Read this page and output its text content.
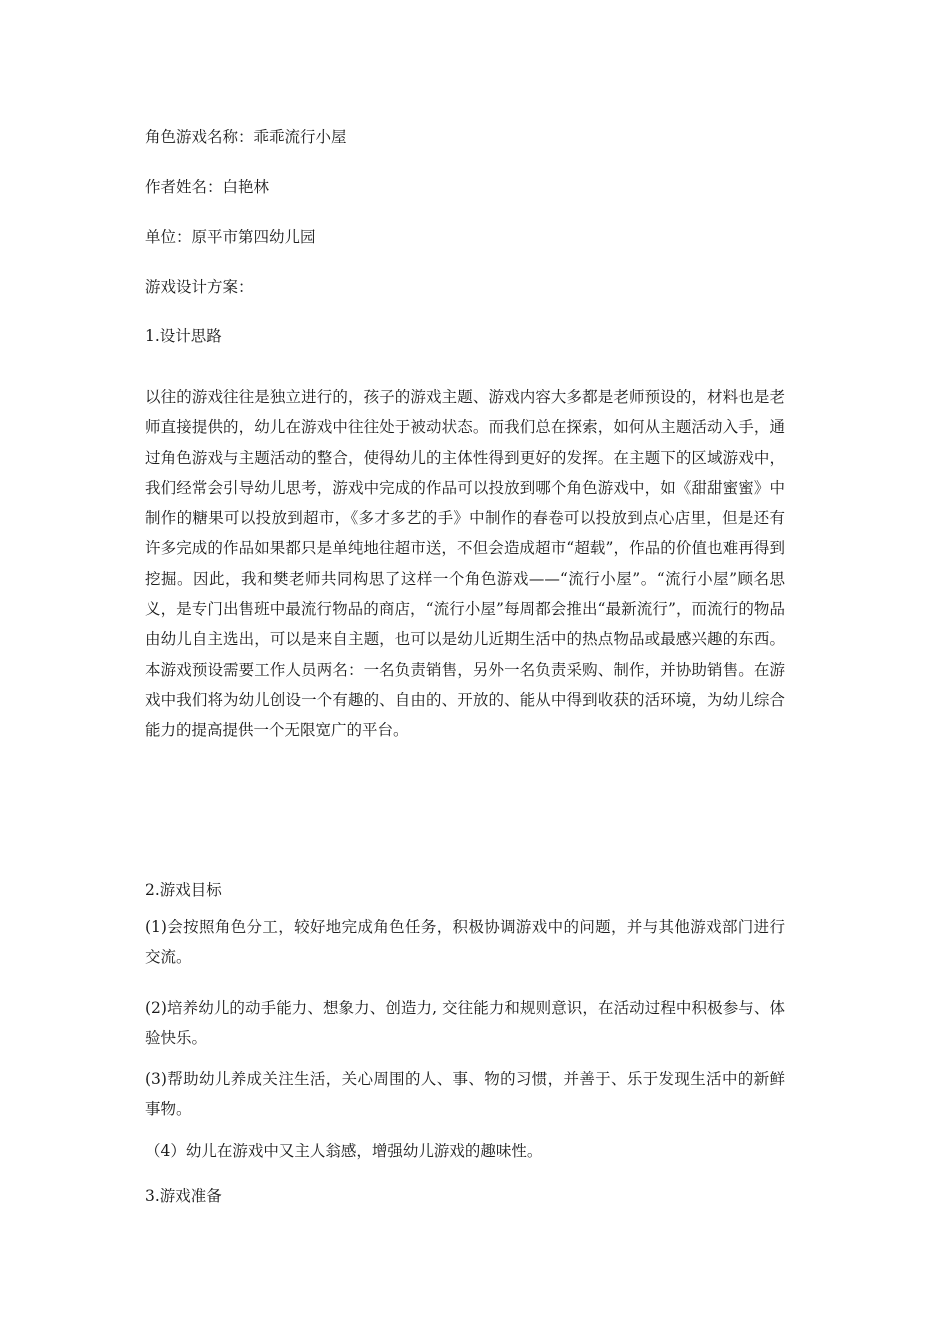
角色游戏名称：乖乖流行小屋
作者姓名：白艳林
单位：原平市第四幼儿园
游戏设计方案：
1.设计思路
以往的游戏往往是独立进行的，孩子的游戏主题、游戏内容大多都是老师预设的，材料也是老师直接提供的，幼儿在游戏中往往处于被动状态。而我们总在探索，如何从主题活动入手，通过角色游戏与主题活动的整合，使得幼儿的主体性得到更好的发挥。在主题下的区域游戏中，我们经常会引导幼儿思考，游戏中完成的作品可以投放到哪个角色游戏中，如《甜甜蜜蜜》中制作的糖果可以投放到超市，《多才多艺的手》中制作的春卷可以投放到点心店里，但是还有许多完成的作品如果都只是单纯地往超市送，不但会造成超市“超载”，作品的价值也难再得到挖掘。因此，我和樊老师共同构思了这样一个角色游戏——“流行小屋”。“流行小屋”顾名思义，是专门出售班中最流行物品的商店，“流行小屋”每周都会推出“最新流行”，而流行的物品由幼儿自主选出，可以是来自主题，也可以是幼儿近期生活中的热点物品或最感兴趣的东西。本游戏预设需要工作人员两名：一名负责销售，另外一名负责采购、制作，并协助销售。在游戏中我们将为幼儿创设一个有趣的、自由的、开放的、能从中得到收获的活环境，为幼儿综合能力的提高提供一个无限宽广的平台。
2.游戏目标
(1)会按照角色分工，较好地完成角色任务，积极协调游戏中的问题，并与其他游戏部门进行交流。
(2)培养幼儿的动手能力、想象力、创造力, 交往能力和规则意识，在活动过程中积极参与、体验快乐。
(3)帮助幼儿养成关注生活，关心周围的人、事、物的习惯，并善于、乐于发现生活中的新鲜事物。
（4）幼儿在游戏中又主人翁感，增强幼儿游戏的趣味性。
3.游戏准备
